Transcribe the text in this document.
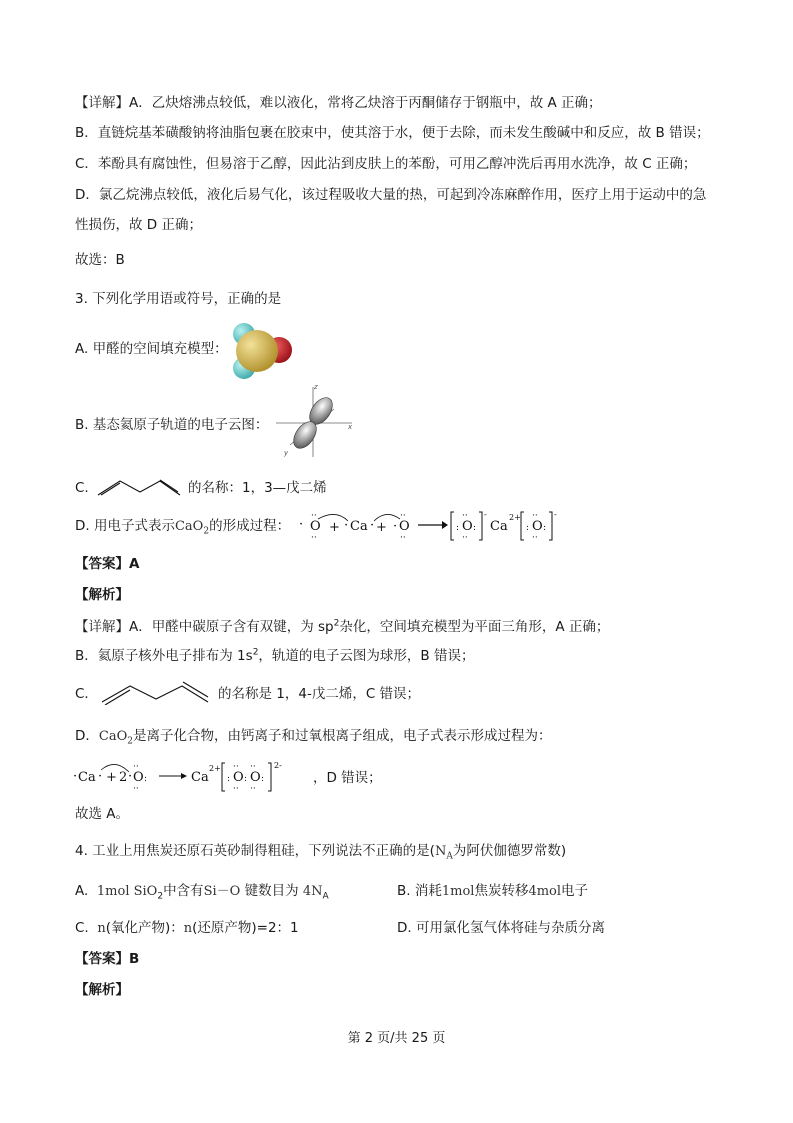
【详解】A．乙炔熔沸点较低，难以液化，常将乙炔溶于丙酮储存于钢瓶中，故 A 正确；
B．直链烷基苯磺酸钠将油脂包裹在胶束中，使其溶于水，便于去除，而未发生酸碱中和反应，故 B 错误；
C．苯酚具有腐蚀性，但易溶于乙醇，因此沾到皮肤上的苯酚，可用乙醇冲洗后再用水洗净，故 C 正确；
D．氯乙烷沸点较低，液化后易气化，该过程吸收大量的热，可起到冷冻麻醉作用，医疗上用于运动中的急
性损伤，故 D 正确；
故选：B
3. 下列化学用语或符号，正确的是
A. 甲醛的空间填充模型：
B. 基态氦原子轨道的电子云图：
z
x
y
C.	的名称：1，3—戊二烯
D. 用电子式表示CaO$_2$的形成过程： · O
··
··
+ · Ca · + · O
··
··
: O :
··
··
-
Ca
2+
: O :
··
··
-
【答案】A
【解析】
【详解】A．甲醛中碳原子含有双键，为 $sp^2$杂化，空间填充模型为平面三角形，A 正确；
B．氦原子核外电子排布为 $1s^2$，轨道的电子云图为球形，B 错误；
C．	的名称是 1，4-戊二烯，C 错误；
D．CaO$_2$是离子化合物，由钙离子和过氧根离子组成，电子式表示形成过程为：
· Ca · + 2 · O
··
··
:	Ca
2+
: O
··
··
: O
··
··
:
2-
，D 错误；
故选 A。
4. 工业上用焦炭还原石英砂制得粗硅，下列说法不正确的是($N_A$为阿伏伽德罗常数)
A. 1mol SiO$_2$中含有Si－O 键数目为 $4N_A$	B. 消耗1mol焦炭转移4mol电子
C. n(氧化产物)：n(还原产物)=2：1	D. 可用氯化氢气体将硅与杂质分离
【答案】B
【解析】
第 2 页/共 25 页
